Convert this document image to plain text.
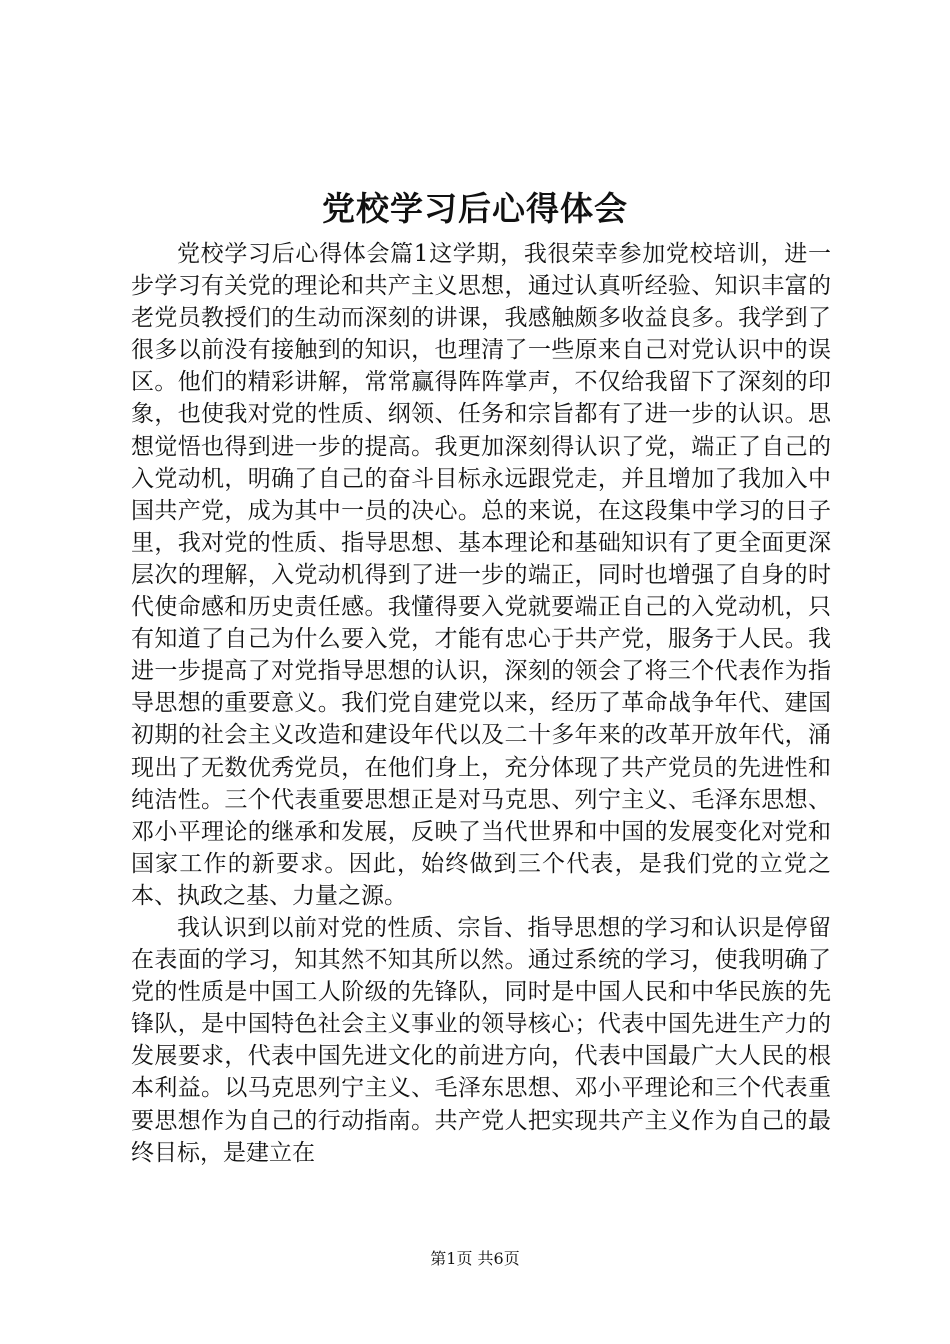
党校学习后心得体会

党校学习后心得体会篇1这学期，我很荣幸参加党校培训，进一步学习有关党的理论和共产主义思想，通过认真听经验、知识丰富的老党员教授们的生动而深刻的讲课，我感触颇多收益良多。我学到了很多以前没有接触到的知识，也理清了一些原来自己对党认识中的误区。他们的精彩讲解，常常赢得阵阵掌声，不仅给我留下了深刻的印象，也使我对党的性质、纲领、任务和宗旨都有了进一步的认识。思想觉悟也得到进一步的提高。我更加深刻得认识了党，端正了自己的入党动机，明确了自己的奋斗目标永远跟党走，并且增加了我加入中国共产党，成为其中一员的决心。总的来说，在这段集中学习的日子里，我对党的性质、指导思想、基本理论和基础知识有了更全面更深层次的理解，入党动机得到了进一步的端正，同时也增强了自身的时代使命感和历史责任感。我懂得要入党就要端正自己的入党动机，只有知道了自己为什么要入党，才能有忠心于共产党，服务于人民。我进一步提高了对党指导思想的认识，深刻的领会了将三个代表作为指导思想的重要意义。我们党自建党以来，经历了革命战争年代、建国初期的社会主义改造和建设年代以及二十多年来的改革开放年代，涌现出了无数优秀党员，在他们身上，充分体现了共产党员的先进性和纯洁性。三个代表重要思想正是对马克思、列宁主义、毛泽东思想、邓小平理论的继承和发展，反映了当代世界和中国的发展变化对党和国家工作的新要求。因此，始终做到三个代表，是我们党的立党之本、执政之基、力量之源。

我认识到以前对党的性质、宗旨、指导思想的学习和认识是停留在表面的学习，知其然不知其所以然。通过系统的学习，使我明确了党的性质是中国工人阶级的先锋队，同时是中国人民和中华民族的先锋队，是中国特色社会主义事业的领导核心；代表中国先进生产力的发展要求，代表中国先进文化的前进方向，代表中国最广大人民的根本利益。以马克思列宁主义、毛泽东思想、邓小平理论和三个代表重要思想作为自己的行动指南。共产党人把实现共产主义作为自己的最终目标，是建立在

第1页 共6页
